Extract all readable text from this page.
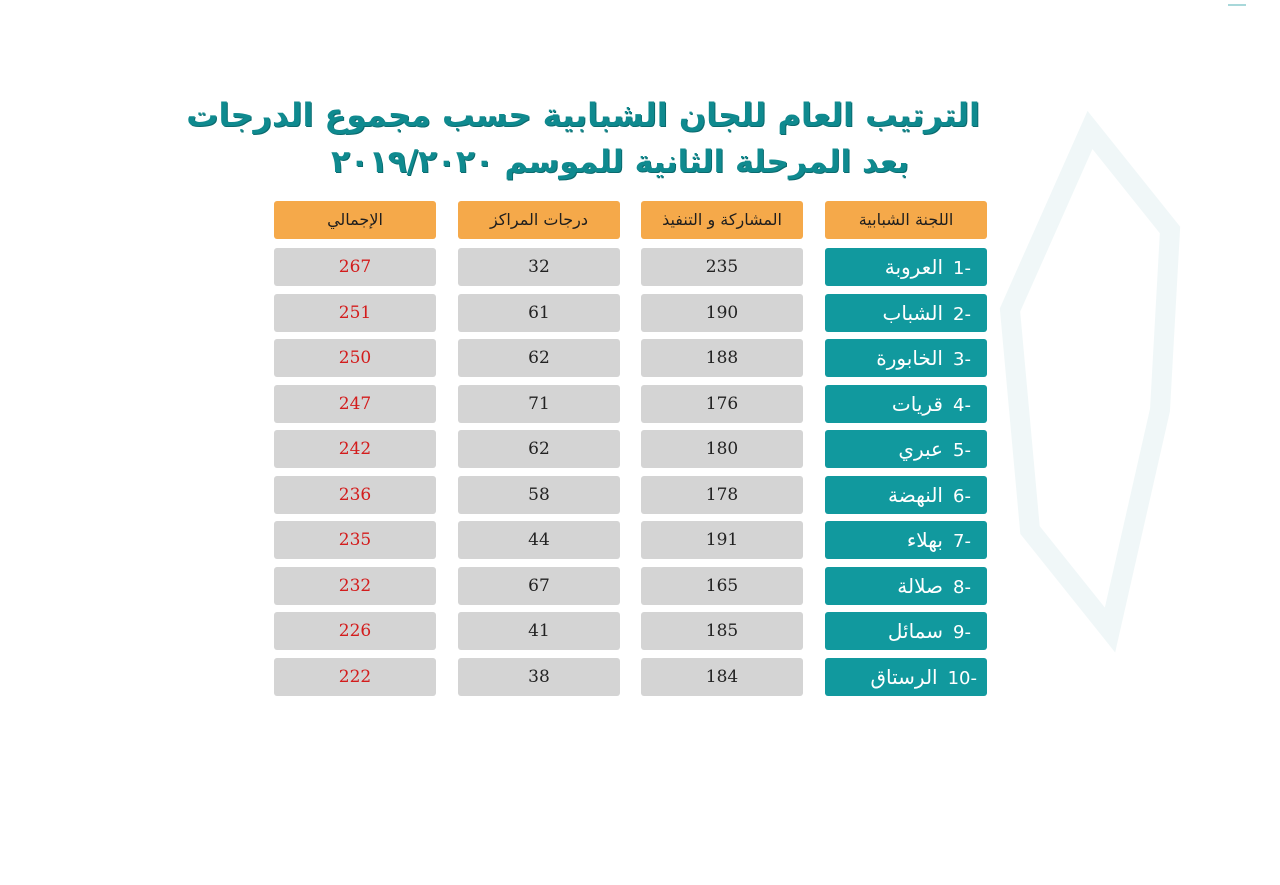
الترتيب العام للجان الشبابية حسب مجموع الدرجات
بعد المرحلة الثانية للموسم ٢٠١٩/٢٠٢٠
الإجمالي	درجات المراكز	المشاركة و التنفيذ	اللجنة الشبابية
267	32	235	1-العروبة
251	61	190	2-الشباب
250	62	188	3-الخابورة
247	71	176	4-قريات
242	62	180	5-عبري
236	58	178	6-النهضة
235	44	191	7-بهلاء
232	67	165	8-صلالة
226	41	185	9-سمائل
222	38	184	10-الرستاق
